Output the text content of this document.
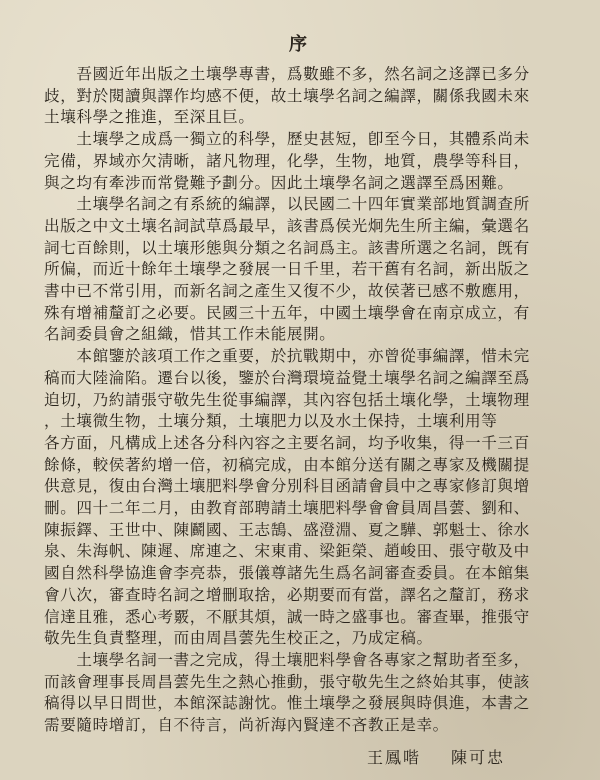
序

　　吾國近年出版之土壤學專書，爲數雖不多，然名詞之迻譯已多分

歧，對於閱讀與譯作均感不便，故土壤學名詞之編譯，關係我國未來

土壤科學之推進，至深且巨。

　　土壤學之成爲一獨立的科學，歷史甚短，卽至今日，其體系尚未

完備，界域亦欠淸晰，諸凡物理，化學，生物，地質，農學等科目，

與之均有牽涉而常覺難予劃分。因此土壤學名詞之選譯至爲困難。

　　土壤學名詞之有系統的編譯，以民國二十四年實業部地質調查所

出版之中文土壤名詞試草爲最早，該書爲侯光炯先生所主編，彙選名

詞七百餘則，以土壤形態與分類之名詞爲主。該書所選之名詞，旣有

所偏，而近十餘年土壤學之發展一日千里，若干舊有名詞，新出版之

書中已不常引用，而新名詞之產生又復不少，故侯著已感不敷應用，

殊有增補釐訂之必要。民國三十五年，中國土壤學會在南京成立，有

名詞委員會之組織，惜其工作未能展開。

　　本館鑒於該項工作之重要，於抗戰期中，亦曾從事編譯，惜未完

稿而大陸淪陷。遷台以後，鑒於台灣環境益覺土壤學名詞之編譯至爲

迫切，乃約請張守敬先生從事編譯，其內容包括土壤化學，土壤物理

，土壤微生物，土壤分類，土壤肥力以及水土保持，土壤利用等

各方面，凡構成上述各分科內容之主要名詞，均予收集，得一千三百

餘條，較侯著約增一倍，初稿完成，由本館分送有關之專家及機關提

供意見，復由台灣土壤肥料學會分別科目函請會員中之專家修訂與增

刪。四十二年二月，由教育部聘請土壤肥料學會會員周昌蕓、劉和、

陳振鐸、王世中、陳鬬國、王志鵠、盛澄淵、夏之驊、郭魁士、徐水

泉、朱海帆、陳遲、席連之、宋東甫、梁鉅榮、趙峻田、張守敬及中

國自然科學協進會李亮恭，張儀尊諸先生爲名詞審查委員。在本館集

會八次，審查時名詞之增刪取捨，必期要而有當，譯名之釐訂，務求

信達且雅，悉心考覈，不厭其煩，誠一時之盛事也。審查畢，推張守

敬先生負責整理，而由周昌蕓先生校正之，乃成定稿。

　　土壤學名詞一書之完成，得土壤肥料學會各專家之幫助者至多，

而該會理事長周昌蕓先生之熱心推動，張守敬先生之終始其事，使該

稿得以早日問世，本館深誌謝忱。惟土壤學之發展與時俱進，本書之

需要隨時增訂，自不待言，尚祈海內賢達不吝教正是幸。

王鳳喈 陳可忠
